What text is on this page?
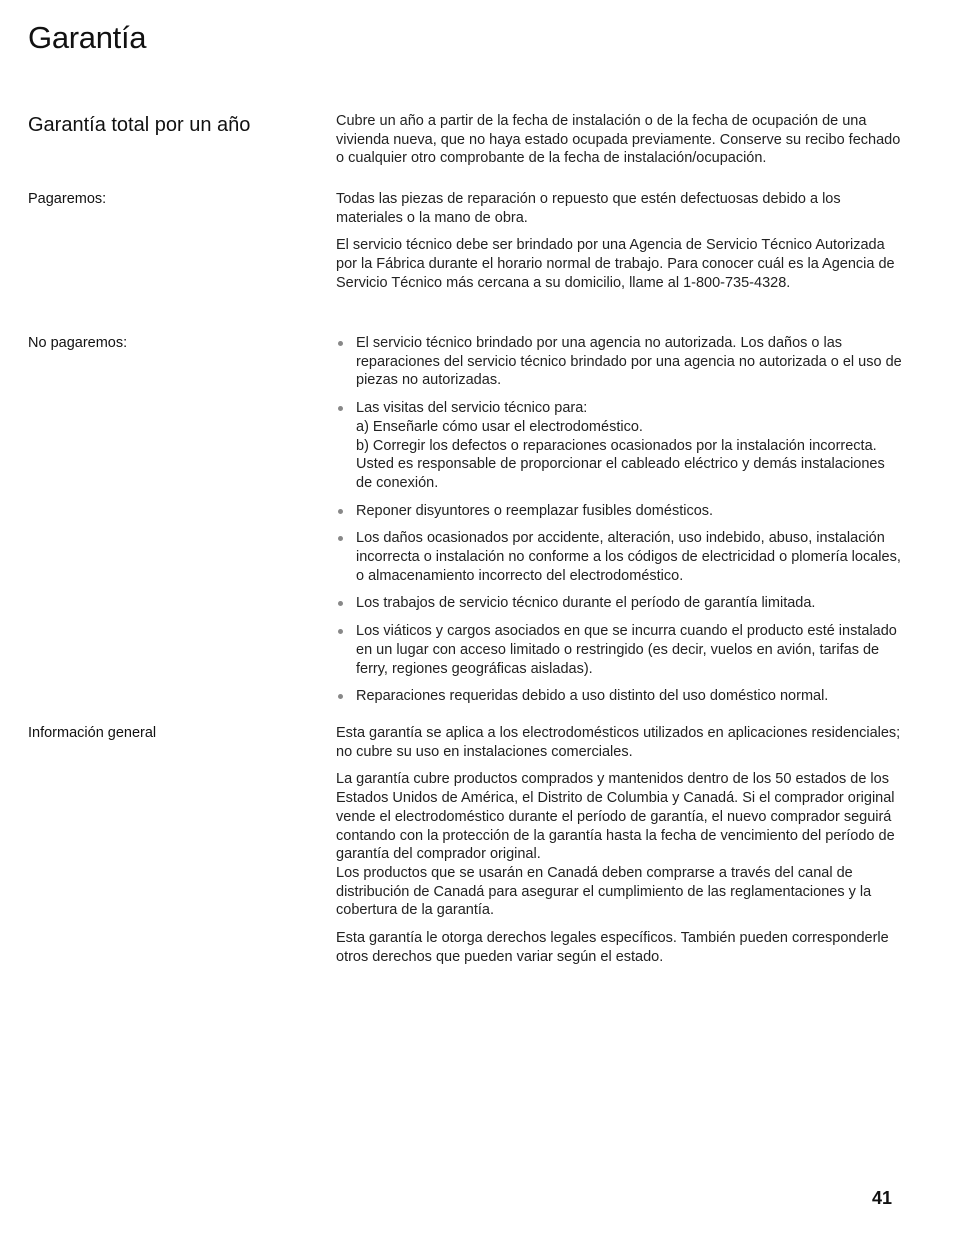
Garantía
Garantía total por un año	Cubre un año a partir de la fecha de instalación o de la fecha de ocupación de una vivienda nueva, que no haya estado ocupada previamente. Conserve su recibo fechado o cualquier otro comprobante de la fecha de instalación/ocupación.

Pagaremos:	Todas las piezas de reparación o repuesto que estén defectuosas debido a los materiales o la mano de obra.

El servicio técnico debe ser brindado por una Agencia de Servicio Técnico Autorizada por la Fábrica durante el horario normal de trabajo. Para conocer cuál es la Agencia de Servicio Técnico más cercana a su domicilio, llame al 1-800-735-4328.

No pagaremos:	El servicio técnico brindado por una agencia no autorizada. Los daños o las reparaciones del servicio técnico brindado por una agencia no autorizada o el uso de piezas no autorizadas.
Las visitas del servicio técnico para:
a) Enseñarle cómo usar el electrodoméstico.
b) Corregir los defectos o reparaciones ocasionados por la instalación incorrecta. Usted es responsable de proporcionar el cableado eléctrico y demás instalaciones de conexión.
Reponer disyuntores o reemplazar fusibles domésticos.
Los daños ocasionados por accidente, alteración, uso indebido, abuso, instalación incorrecta o instalación no conforme a los códigos de electricidad o plomería locales, o almacenamiento incorrecto del electrodoméstico.
Los trabajos de servicio técnico durante el período de garantía limitada.
Los viáticos y cargos asociados en que se incurra cuando el producto esté instalado en un lugar con acceso limitado o restringido (es decir, vuelos en avión, tarifas de ferry, regiones geográficas aisladas).
Reparaciones requeridas debido a uso distinto del uso doméstico normal.
Información general	Esta garantía se aplica a los electrodomésticos utilizados en aplicaciones residenciales; no cubre su uso en instalaciones comerciales.

La garantía cubre productos comprados y mantenidos dentro de los 50 estados de los Estados Unidos de América, el Distrito de Columbia y Canadá. Si el comprador original vende el electrodoméstico durante el período de garantía, el nuevo comprador seguirá contando con la protección de la garantía hasta la fecha de vencimiento del período de garantía del comprador original.

Los productos que se usarán en Canadá deben comprarse a través del canal de distribución de Canadá para asegurar el cumplimiento de las reglamentaciones y la cobertura de la garantía.

Esta garantía le otorga derechos legales específicos. También pueden corresponderle otros derechos que pueden variar según el estado.

41
